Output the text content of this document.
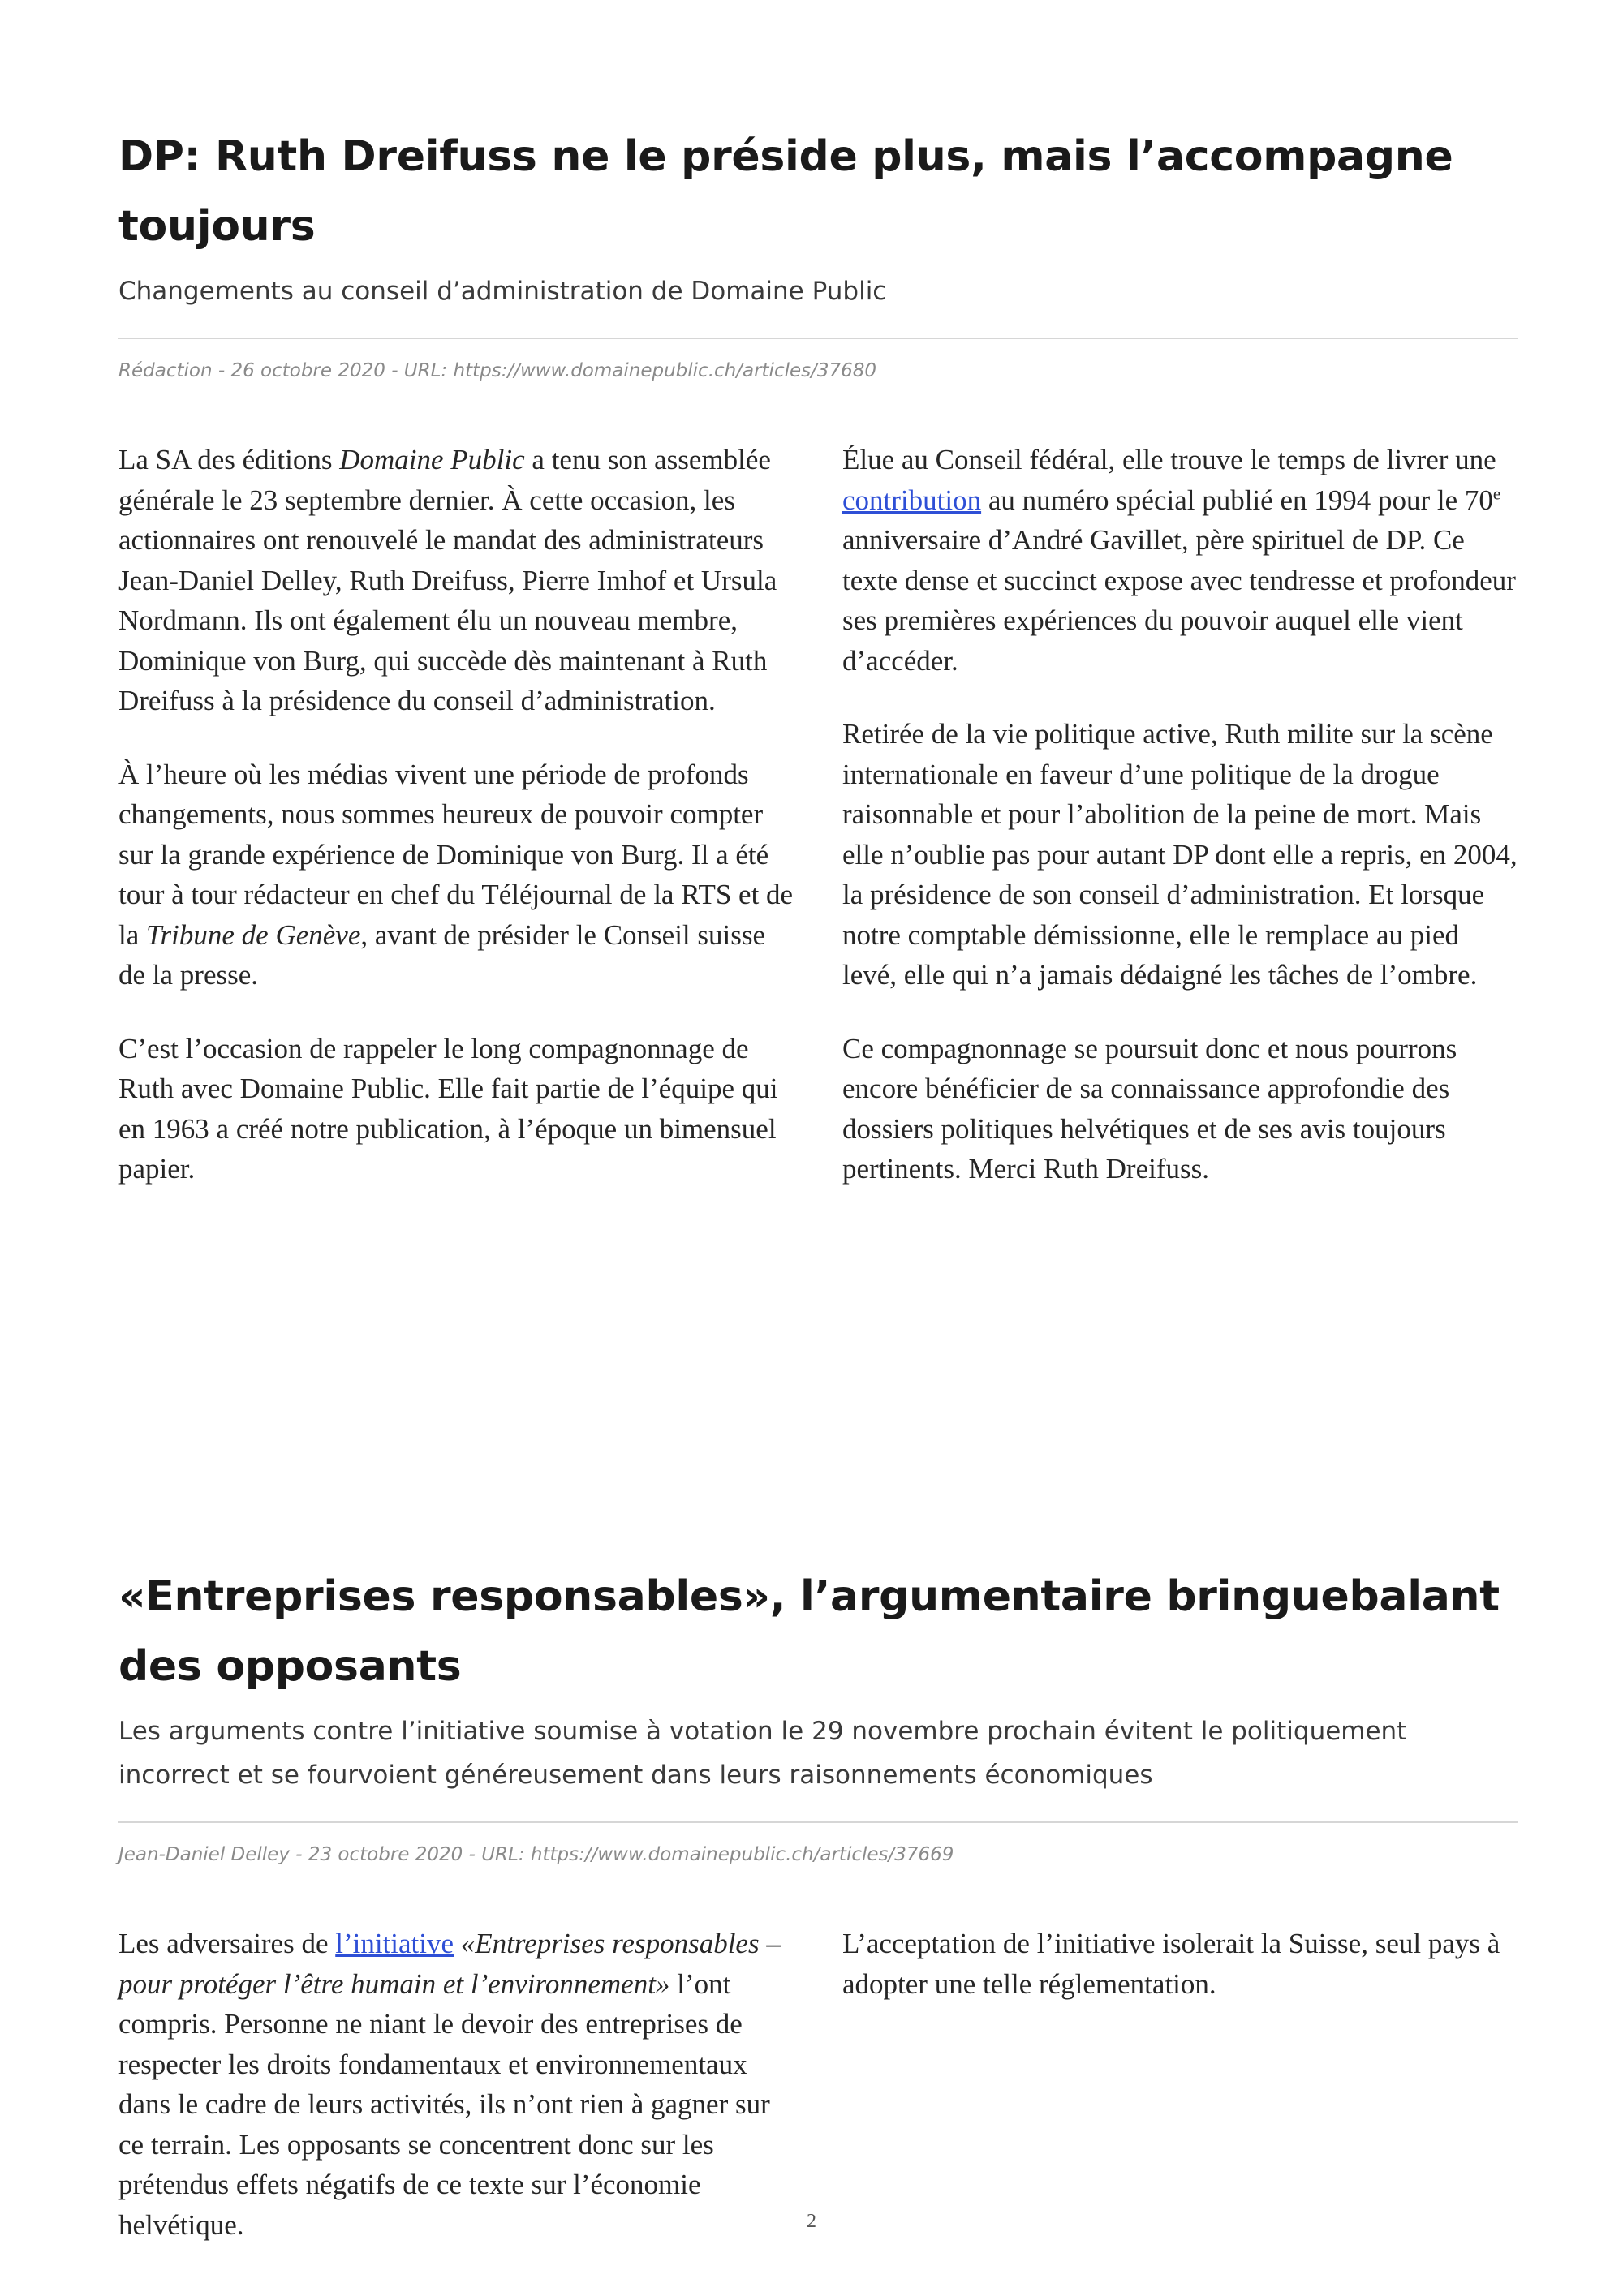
DP: Ruth Dreifuss ne le préside plus, mais l’accompagne toujours
Changements au conseil d’administration de Domaine Public
Rédaction - 26 octobre 2020 - URL: https://www.domainepublic.ch/articles/37680

La SA des éditions Domaine Public a tenu son assemblée générale le 23 septembre dernier. À cette occasion, les actionnaires ont renouvelé le mandat des administrateurs Jean-Daniel Delley, Ruth Dreifuss, Pierre Imhof et Ursula Nordmann. Ils ont également élu un nouveau membre, Dominique von Burg, qui succède dès maintenant à Ruth Dreifuss à la présidence du conseil d’administration.

À l’heure où les médias vivent une période de profonds changements, nous sommes heureux de pouvoir compter sur la grande expérience de Dominique von Burg. Il a été tour à tour rédacteur en chef du Téléjournal de la RTS et de la Tribune de Genève, avant de présider le Conseil suisse de la presse.

C’est l’occasion de rappeler le long compagnonnage de Ruth avec Domaine Public. Elle fait partie de l’équipe qui en 1963 a créé notre publication, à l’époque un bimensuel papier.

Élue au Conseil fédéral, elle trouve le temps de livrer une contribution au numéro spécial publié en 1994 pour le 70e anniversaire d’André Gavillet, père spirituel de DP. Ce texte dense et succinct expose avec tendresse et profondeur ses premières expériences du pouvoir auquel elle vient d’accéder.

Retirée de la vie politique active, Ruth milite sur la scène internationale en faveur d’une politique de la drogue raisonnable et pour l’abolition de la peine de mort. Mais elle n’oublie pas pour autant DP dont elle a repris, en 2004, la présidence de son conseil d’administration. Et lorsque notre comptable démissionne, elle le remplace au pied levé, elle qui n’a jamais dédaigné les tâches de l’ombre.

Ce compagnonnage se poursuit donc et nous pourrons encore bénéficier de sa connaissance approfondie des dossiers politiques helvétiques et de ses avis toujours pertinents. Merci Ruth Dreifuss.

«Entreprises responsables», l’argumentaire bringuebalant des opposants
Les arguments contre l’initiative soumise à votation le 29 novembre prochain évitent le politiquement incorrect et se fourvoient généreusement dans leurs raisonnements économiques
Jean-Daniel Delley - 23 octobre 2020 - URL: https://www.domainepublic.ch/articles/37669

Les adversaires de l’initiative «Entreprises responsables – pour protéger l’être humain et l’environnement» l’ont compris. Personne ne niant le devoir des entreprises de respecter les droits fondamentaux et environnementaux dans le cadre de leurs activités, ils n’ont rien à gagner sur ce terrain. Les opposants se concentrent donc sur les prétendus effets négatifs de ce texte sur l’économie helvétique.

L’acceptation de l’initiative isolerait la Suisse, seul pays à adopter une telle réglementation.

2
